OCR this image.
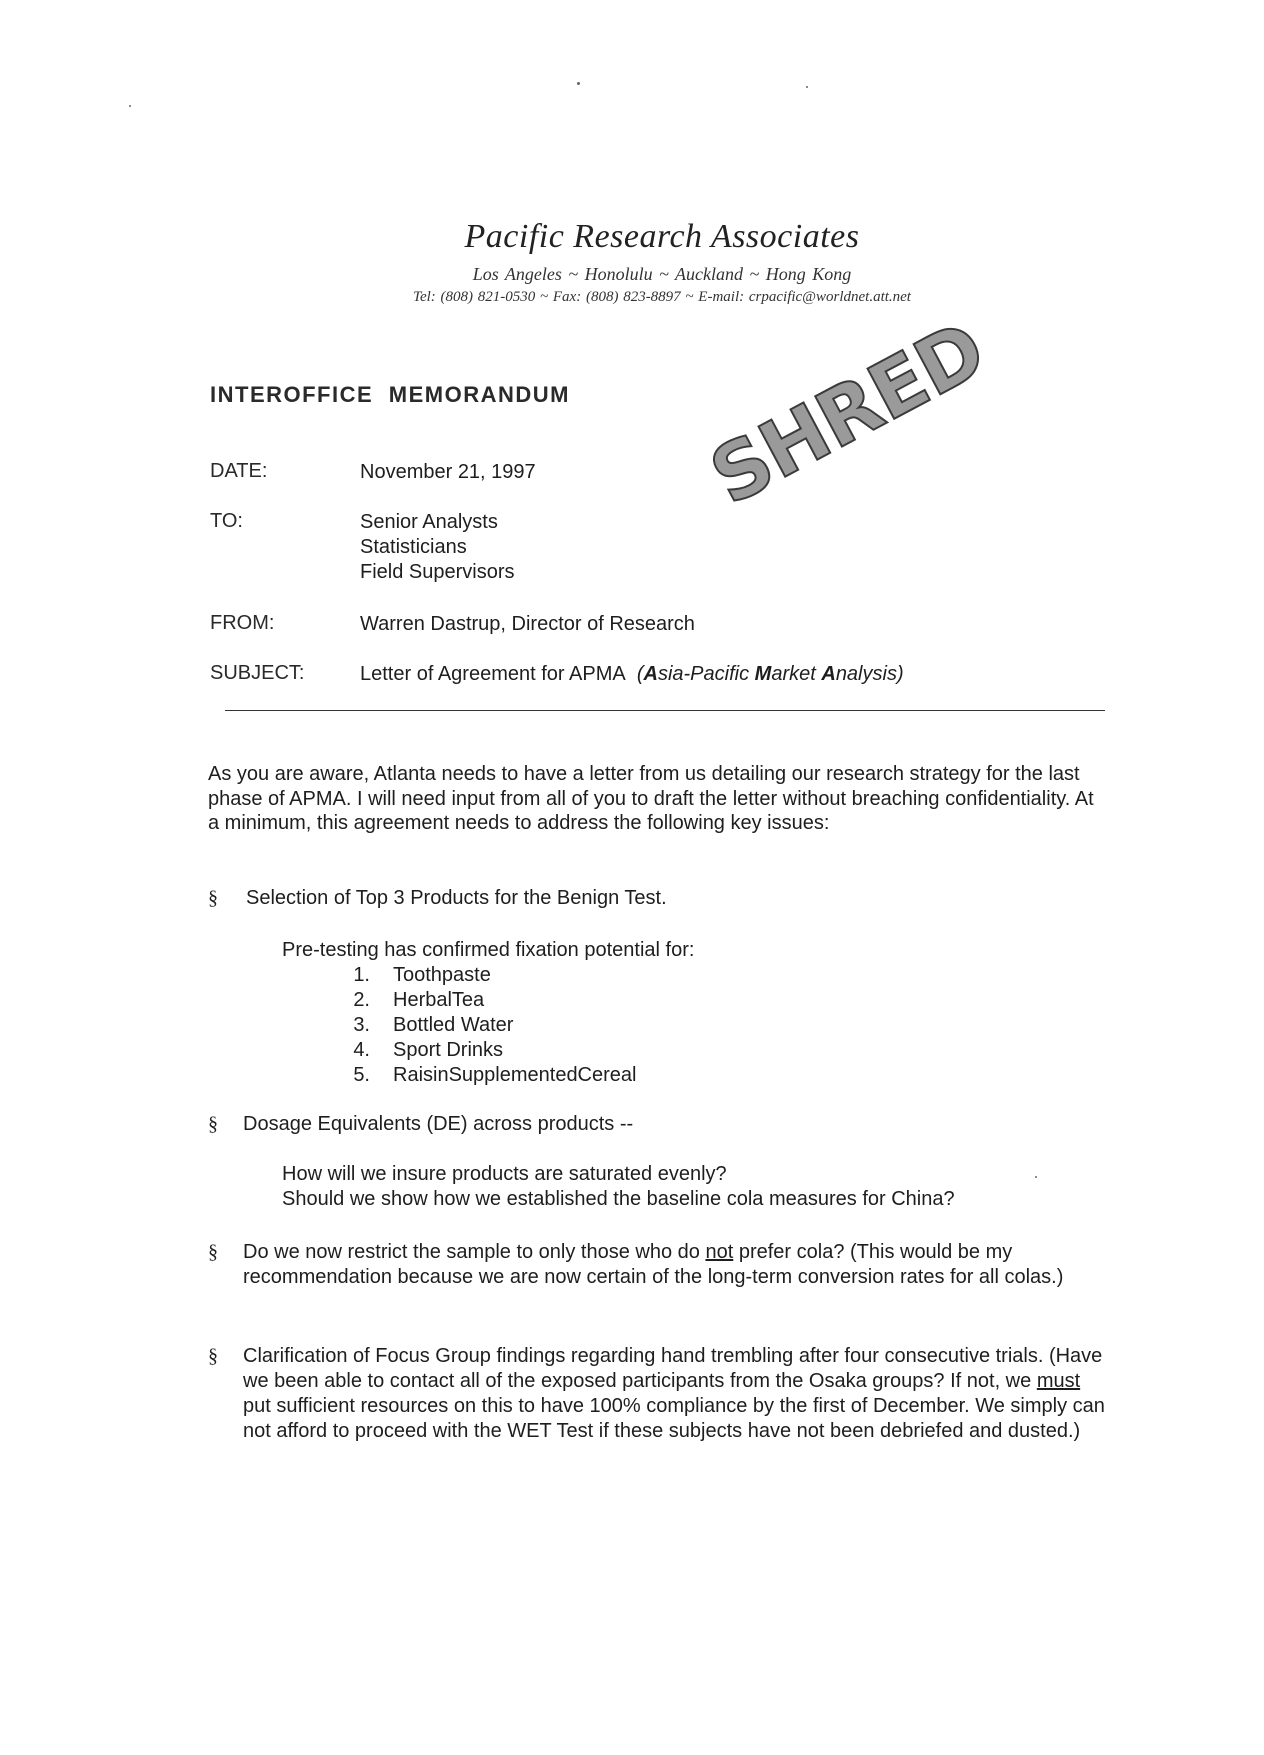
Pacific Research Associates
Los Angeles ~ Honolulu ~ Auckland ~ Hong Kong
Tel: (808) 821-0530 ~ Fax: (808) 823-8897 ~ E-mail: crpacific@worldnet.att.net
INTEROFFICE MEMORANDUM SHRED
DATE:	November 21, 1997
TO:	Senior Analysts
Statisticians
Field Supervisors
FROM:	Warren Dastrup, Director of Research
SUBJECT:	Letter of Agreement for APMA (Asia-Pacific Market Analysis)
As you are aware, Atlanta needs to have a letter from us detailing our research strategy for the last phase of APMA. I will need input from all of you to draft the letter without breaching confidentiality. At a minimum, this agreement needs to address the following key issues:
§ Selection of Top 3 Products for the Benign Test.
Pre-testing has confirmed fixation potential for:
1. Toothpaste
2. HerbalTea
3. Bottled Water
4. Sport Drinks
5. RaisinSupplementedCereal
§ Dosage Equivalents (DE) across products --
How will we insure products are saturated evenly?
Should we show how we established the baseline cola measures for China?
§ Do we now restrict the sample to only those who do not prefer cola? (This would be my recommendation because we are now certain of the long-term conversion rates for all colas.)
§ Clarification of Focus Group findings regarding hand trembling after four consecutive trials. (Have we been able to contact all of the exposed participants from the Osaka groups? If not, we must put sufficient resources on this to have 100% compliance by the first of December. We simply can not afford to proceed with the WET Test if these subjects have not been debriefed and dusted.)
